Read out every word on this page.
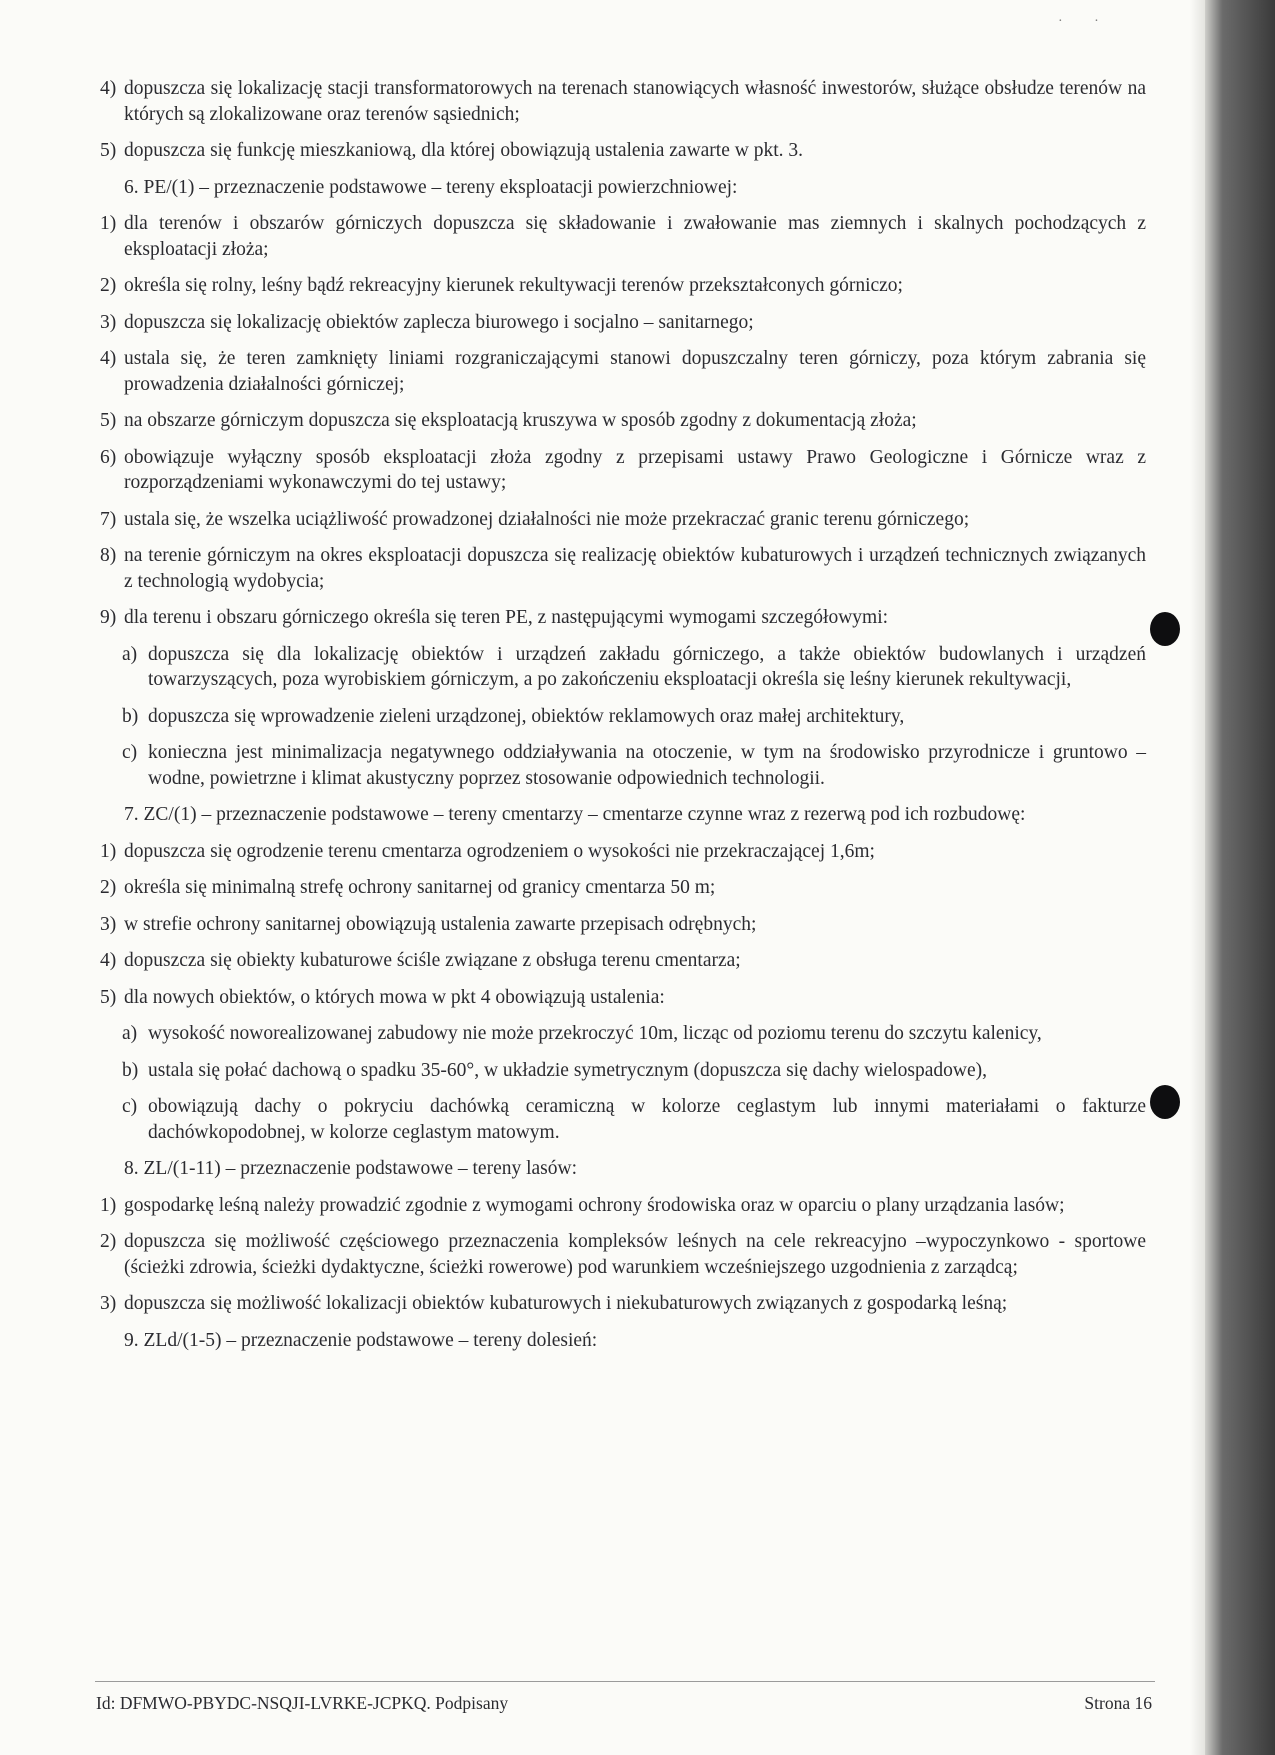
· ·
4) dopuszcza się lokalizację stacji transformatorowych na terenach stanowiących własność inwestorów, służące obsłudze terenów na których są zlokalizowane oraz terenów sąsiednich;
5) dopuszcza się funkcję mieszkaniową, dla której obowiązują ustalenia zawarte w pkt. 3.
6. PE/(1) – przeznaczenie podstawowe – tereny eksploatacji powierzchniowej:
1) dla terenów i obszarów górniczych dopuszcza się składowanie i zwałowanie mas ziemnych i skalnych pochodzących z eksploatacji złoża;
2) określa się rolny, leśny bądź rekreacyjny kierunek rekultywacji terenów przekształconych górniczo;
3) dopuszcza się lokalizację obiektów zaplecza biurowego i socjalno – sanitarnego;
4) ustala się, że teren zamknięty liniami rozgraniczającymi stanowi dopuszczalny teren górniczy, poza którym zabrania się prowadzenia działalności górniczej;
5) na obszarze górniczym dopuszcza się eksploatacją kruszywa w sposób zgodny z dokumentacją złoża;
6) obowiązuje wyłączny sposób eksploatacji złoża zgodny z przepisami ustawy Prawo Geologiczne i Górnicze wraz z rozporządzeniami wykonawczymi do tej ustawy;
7) ustala się, że wszelka uciążliwość prowadzonej działalności nie może przekraczać granic terenu górniczego;
8) na terenie górniczym na okres eksploatacji dopuszcza się realizację obiektów kubaturowych i urządzeń technicznych związanych z technologią wydobycia;
9) dla terenu i obszaru górniczego określa się teren PE, z następującymi wymogami szczegółowymi:
a) dopuszcza się dla lokalizację obiektów i urządzeń zakładu górniczego, a także obiektów budowlanych i urządzeń towarzyszących, poza wyrobiskiem górniczym, a po zakończeniu eksploatacji określa się leśny kierunek rekultywacji,
b) dopuszcza się wprowadzenie zieleni urządzonej, obiektów reklamowych oraz małej architektury,
c) konieczna jest minimalizacja negatywnego oddziaływania na otoczenie, w tym na środowisko przyrodnicze i gruntowo – wodne, powietrzne i klimat akustyczny poprzez stosowanie odpowiednich technologii.
7. ZC/(1) – przeznaczenie podstawowe – tereny cmentarzy – cmentarze czynne wraz z rezerwą pod ich rozbudowę:
1) dopuszcza się ogrodzenie terenu cmentarza ogrodzeniem o wysokości nie przekraczającej 1,6m;
2) określa się minimalną strefę ochrony sanitarnej od granicy cmentarza 50 m;
3) w strefie ochrony sanitarnej obowiązują ustalenia zawarte przepisach odrębnych;
4) dopuszcza się obiekty kubaturowe ściśle związane z obsługa terenu cmentarza;
5) dla nowych obiektów, o których mowa w pkt 4 obowiązują ustalenia:
a) wysokość noworealizowanej zabudowy nie może przekroczyć 10m, licząc od poziomu terenu do szczytu kalenicy,
b) ustala się połać dachową o spadku 35-60°, w układzie symetrycznym (dopuszcza się dachy wielospadowe),
c) obowiązują dachy o pokryciu dachówką ceramiczną w kolorze ceglastym lub innymi materiałami o fakturze dachówkopodobnej, w kolorze ceglastym matowym.
8. ZL/(1-11) – przeznaczenie podstawowe – tereny lasów:
1) gospodarkę leśną należy prowadzić zgodnie z wymogami ochrony środowiska oraz w oparciu o plany urządzania lasów;
2) dopuszcza się możliwość częściowego przeznaczenia kompleksów leśnych na cele rekreacyjno –wypoczynkowo - sportowe (ścieżki zdrowia, ścieżki dydaktyczne, ścieżki rowerowe) pod warunkiem wcześniejszego uzgodnienia z zarządcą;
3) dopuszcza się możliwość lokalizacji obiektów kubaturowych i niekubaturowych związanych z gospodarką leśną;
9. ZLd/(1-5) – przeznaczenie podstawowe – tereny dolesień:
Id: DFMWO-PBYDC-NSQJI-LVRKE-JCPKQ. Podpisany	Strona 16
